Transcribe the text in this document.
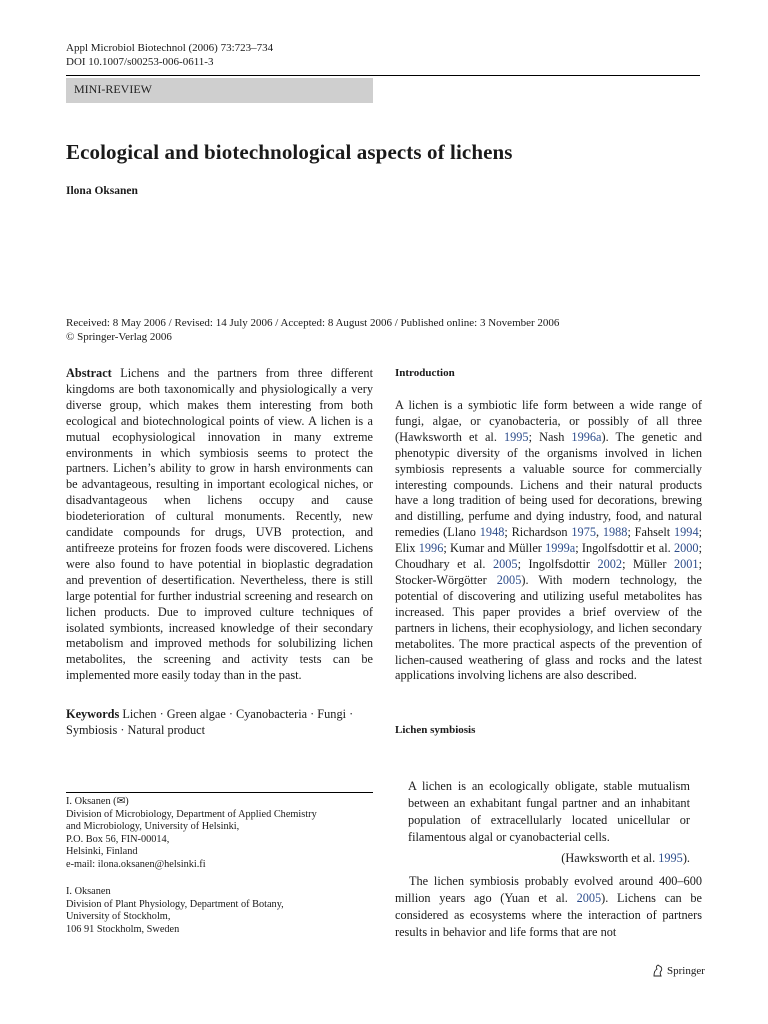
Appl Microbiol Biotechnol (2006) 73:723–734
DOI 10.1007/s00253-006-0611-3
MINI-REVIEW
Ecological and biotechnological aspects of lichens
Ilona Oksanen
Received: 8 May 2006 / Revised: 14 July 2006 / Accepted: 8 August 2006 / Published online: 3 November 2006
© Springer-Verlag 2006
Abstract Lichens and the partners from three different kingdoms are both taxonomically and physiologically a very diverse group, which makes them interesting from both ecological and biotechnological points of view. A lichen is a mutual ecophysiological innovation in many extreme environments in which symbiosis seems to protect the partners. Lichen’s ability to grow in harsh environments can be advantageous, resulting in important ecological niches, or disadvantageous when lichens occupy and cause biodeterioration of cultural monuments. Recently, new candidate compounds for drugs, UVB protection, and antifreeze proteins for frozen foods were discovered. Lichens were also found to have potential in bioplastic degradation and prevention of desertification. Nevertheless, there is still large potential for further industrial screening and research on lichen products. Due to improved culture techniques of isolated symbionts, increased knowledge of their secondary metabolism and improved methods for solubilizing lichen metabolites, the screening and activity tests can be implemented more easily today than in the past.
Keywords Lichen · Green algae · Cyanobacteria · Fungi · Symbiosis · Natural product
I. Oksanen (✉)
Division of Microbiology, Department of Applied Chemistry
and Microbiology, University of Helsinki,
P.O. Box 56, FIN-00014,
Helsinki, Finland
e-mail: ilona.oksanen@helsinki.fi
I. Oksanen
Division of Plant Physiology, Department of Botany,
University of Stockholm,
106 91 Stockholm, Sweden
Introduction
A lichen is a symbiotic life form between a wide range of fungi, algae, or cyanobacteria, or possibly of all three (Hawksworth et al. 1995; Nash 1996a). The genetic and phenotypic diversity of the organisms involved in lichen symbiosis represents a valuable source for commercially interesting compounds. Lichens and their natural products have a long tradition of being used for decorations, brewing and distilling, perfume and dying industry, food, and natural remedies (Llano 1948; Richardson 1975, 1988; Fahselt 1994; Elix 1996; Kumar and Müller 1999a; Ingolfsdottir et al. 2000; Choudhary et al. 2005; Ingolfsdottir 2002; Müller 2001; Stocker-Wörgötter 2005). With modern technology, the potential of discovering and utilizing useful metabolites has increased. This paper provides a brief overview of the partners in lichens, their ecophysiology, and lichen secondary metabolites. The more practical aspects of the prevention of lichen-caused weathering of glass and rocks and the latest applications involving lichens are also described.
Lichen symbiosis
A lichen is an ecologically obligate, stable mutualism between an exhabitant fungal partner and an inhabitant population of extracellularly located unicellular or filamentous algal or cyanobacterial cells.
(Hawksworth et al. 1995).
The lichen symbiosis probably evolved around 400–600 million years ago (Yuan et al. 2005). Lichens can be considered as ecosystems where the interaction of partners results in behavior and life forms that are not
Springer
